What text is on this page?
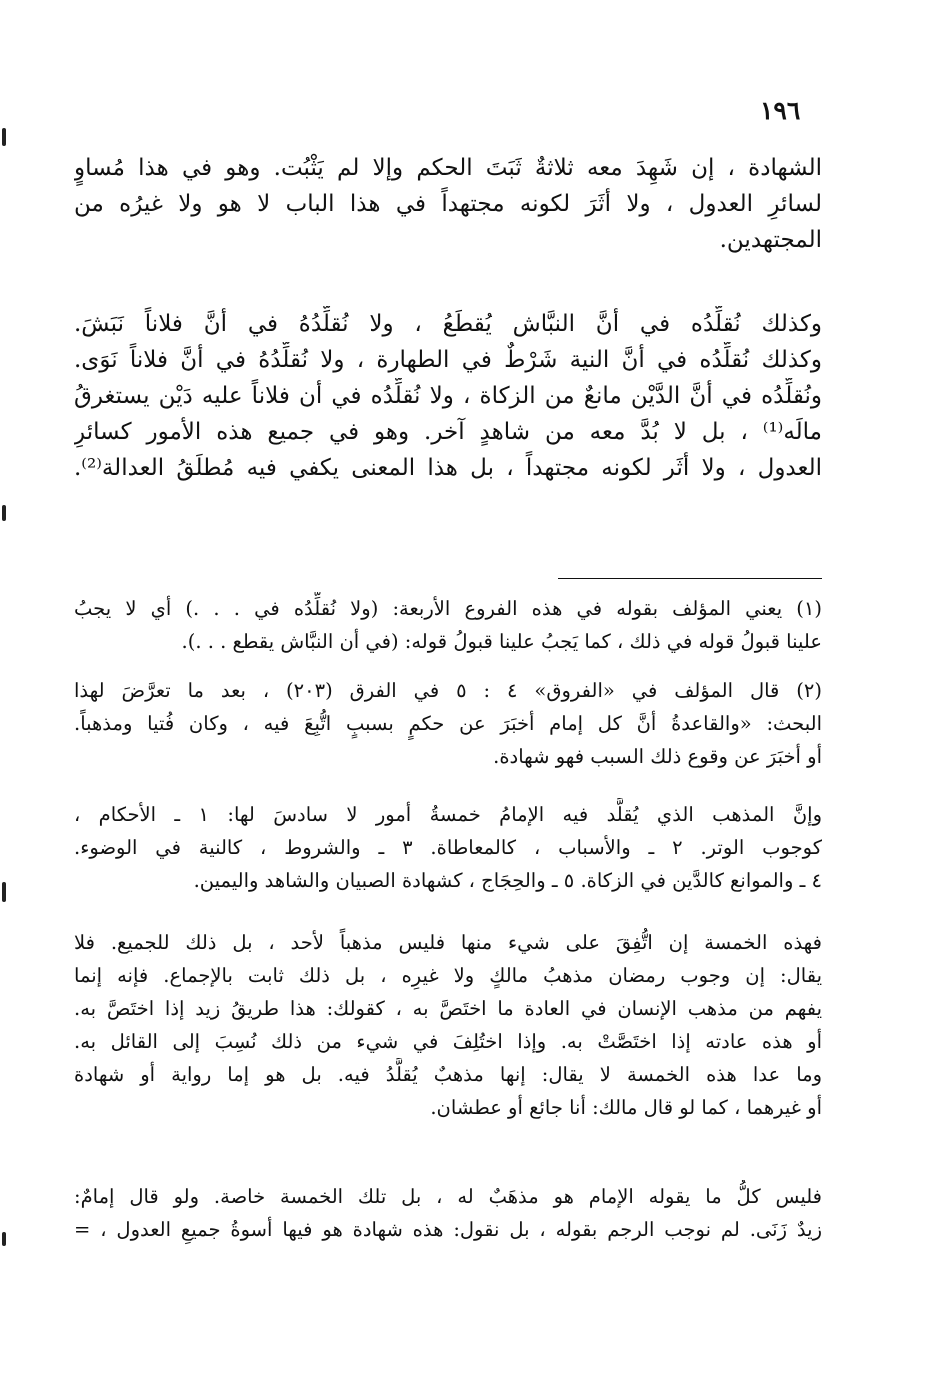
١٩٦
الشهادة ، إن شَهِدَ معه ثلاثةٌ ثَبَتَ الحكم وإلا لم يَثْبُت. وهو في هذا مُساوٍ
لسائرِ العدول ، ولا أثَرَ لكونه مجتهداً في هذا الباب لا هو ولا غيرُه من
المجتهدين.
وكذلك نُقلِّدُه في أنَّ النبَّاش يُقطَعُ ، ولا نُقلِّدُهُ في أنَّ فلاناً نَبَشَ.
وكذلك نُقلِّدُه في أنَّ النية شَرْطٌ في الطهارة ، ولا نُقلِّدُهُ في أنَّ فلاناً نَوَى.
ونُقلِّدُه في أنَّ الدَّيْن مانعٌ من الزكاة ، ولا نُقلِّدُه في أن فلاناً عليه دَيْن يستغرقُ
مالَه⁽¹⁾ ، بل لا بُدَّ معه من شاهدٍ آخر. وهو في جميع هذه الأمور كسائرِ
العدول ، ولا أثَر لكونه مجتهداً ، بل هذا المعنى يكفي فيه مُطلَقُ العدالة⁽²⁾.
(١) يعني المؤلف بقوله في هذه الفروع الأربعة: (ولا نُقلِّدُه في . . .) أي لا يجبُ
علينا قبولُ قوله في ذلك ، كما يَجبُ علينا قبولُ قوله: (في أن النبَّاش يقطع . . .).
(٢) قال المؤلف في «الفروق» ٤ : ٥ في الفرق (٢٠٣) ، بعد ما تعرَّضَ لهذا
البحث: «والقاعدةُ أنَّ كل إمام أخبَرَ عن حكمٍ بسببٍ اتُّبِعَ فيه ، وكان فُتيا ومذهباً.
أو أخبَرَ عن وقوع ذلك السبب فهو شهادة.
وإنَّ المذهب الذي يُقلَّد فيه الإمامُ خمسةُ أمور لا سادسَ لها: ١ ـ الأحكام ،
كوجوب الوتر. ٢ ـ والأسباب ، كالمعاطاة. ٣ ـ والشروط ، كالنية في الوضوء.
٤ ـ والموانع كالدَّين في الزكاة. ٥ ـ والحِجَاج ، كشهادة الصبيان والشاهد واليمين.
فهذه الخمسة إن اتُّفِقَ على شيء منها فليس مذهباً لأحد ، بل ذلك للجميع. فلا
يقال: إن وجوب رمضان مذهبُ مالكٍ ولا غيرِه ، بل ذلك ثابت بالإجماع. فإنه إنما
يفهم من مذهب الإنسان في العادة ما اختَصَّ به ، كقولك: هذا طريقُ زيد إذا اختَصَّ به.
أو هذه عادته إذا اختَصَّتْ به. وإذا اختُلِفَ في شيء من ذلك نُسِبَ إلى القائل به.
وما عدا هذه الخمسة لا يقال: إنها مذهبٌ يُقلَّدُ فيه. بل هو إما رواية أو شهادة
أو غيرهما ، كما لو قال مالك: أنا جائع أو عطشان.
فليس كلُّ ما يقوله الإمام هو مذهَبٌ له ، بل تلك الخمسة خاصة. ولو قال إمامٌ:
زيدٌ زَنَى. لم نوجب الرجم بقوله ، بل نقول: هذه شهادة هو فيها أسوةُ جميعِ العدول ، =
